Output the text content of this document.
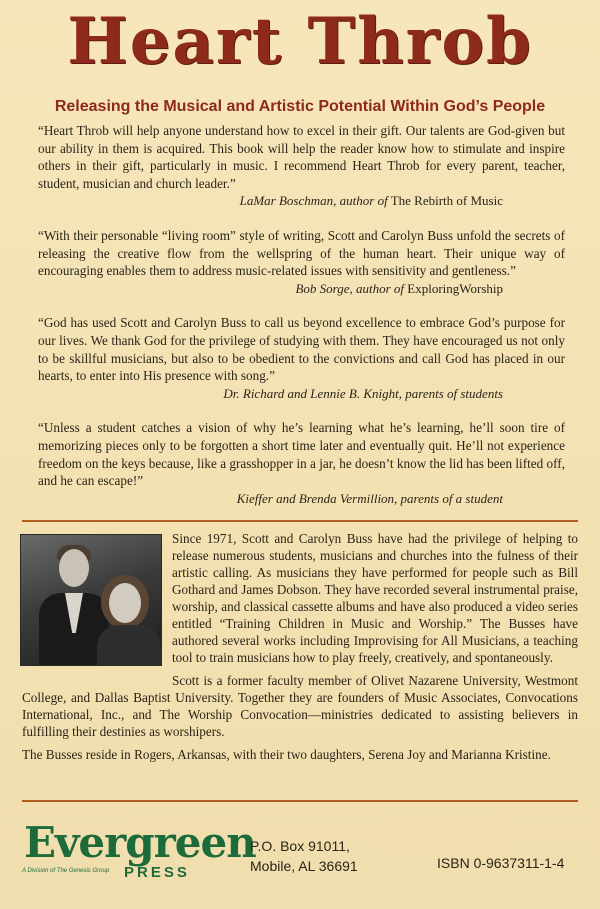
Heart Throb
Releasing the Musical and Artistic Potential Within God’s People

“Heart Throb will help anyone understand how to excel in their gift. Our talents are God-given but our ability in them is acquired. This book will help the reader know how to stimulate and inspire others in their gift, particularly in music. I recommend Heart Throb for every parent, teacher, student, musician and church leader.”

LaMar Boschman, author of The Rebirth of Music

“With their personable “living room” style of writing, Scott and Carolyn Buss unfold the secrets of releasing the creative flow from the wellspring of the human heart. Their unique way of encouraging enables them to address music-related issues with sensitivity and gentleness.”

Bob Sorge, author of ExploringWorship

“God has used Scott and Carolyn Buss to call us beyond excellence to embrace God’s purpose for our lives. We thank God for the privilege of studying with them. They have encouraged us not only to be skillful musicians, but also to be obedient to the convictions and call God has placed in our hearts, to enter into His presence with song.”

Dr. Richard and Lennie B. Knight, parents of students

“Unless a student catches a vision of why he’s learning what he’s learning, he’ll soon tire of memorizing pieces only to be forgotten a short time later and eventually quit. He’ll not experience freedom on the keys because, like a grasshopper in a jar, he doesn’t know the lid has been lifted off, and he can escape!”

Kieffer and Brenda Vermillion, parents of a student

Since 1971, Scott and Carolyn Buss have had the privilege of helping to release numerous students, musicians and churches into the fulness of their artistic calling. As musicians they have performed for people such as Bill Gothard and James Dobson. They have recorded several instrumental praise, worship, and classical cassette albums and have also produced a video series entitled “Training Children in Music and Worship.” The Busses have authored several works including Improvising for All Musicians, a teaching tool to train musicians how to play freely, creatively, and spontaneously.

Scott is a former faculty member of Olivet Nazarene University, Westmont College, and Dallas Baptist University. Together they are founders of Music Associates, Convocations International, Inc., and The Worship Convocation—ministries dedicated to assisting believers in fulfilling their destinies as worshipers.

The Busses reside in Rogers, Arkansas, with their two daughters, Serena Joy and Marianna Kristine.

Evergreen
PRESS
A Division of The Genesis Group
P.O. Box 91011,
Mobile, AL 36691	ISBN 0-9637311-1-4
